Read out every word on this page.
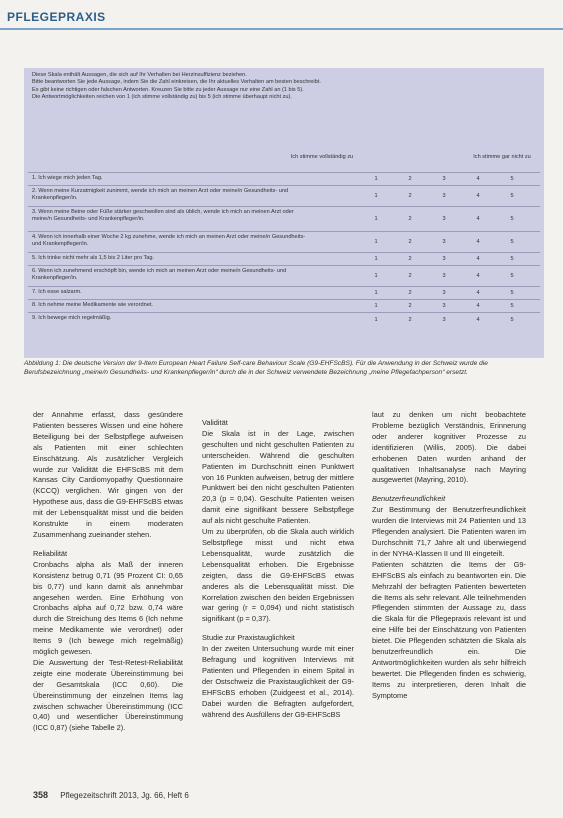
PFLEGEPRAXIS

Diese Skala enthält Aussagen, die sich auf Ihr Verhalten bei Herzinsuffizienz beziehen.

Bitte beantworten Sie jede Aussage, indem Sie die Zahl einkreisen, die Ihr aktuelles Verhalten am besten beschreibt.

Es gibt keine richtigen oder falschen Antworten. Kreuzen Sie bitte zu jeder Aussage nur eine Zahl an (1 bis 5).

Die Antwortmöglichkeiten reichen von 1 (ich stimme vollständig zu) bis 5 (ich stimme überhaupt nicht zu).

Ich stimme vollständig zu	Ich stimme gar nicht zu
1. Ich wiege mich jeden Tag.	1	2	3	4	5
2. Wenn meine Kurzatmigkeit zunimmt, wende ich mich an meinen Arzt oder meine/n Gesundheits- und Krankenpfleger/in.	1	2	3	4	5
3. Wenn meine Beine oder Füße stärker geschwollen sind als üblich, wende ich mich an meinen Arzt oder meine/n Gesundheits- und Krankenpfleger/in.	1	2	3	4	5
4. Wenn ich innerhalb einer Woche 2 kg zunehme, wende ich mich an meinen Arzt oder meine/n Gesundheits- und Krankenpfleger/in.	1	2	3	4	5
5. Ich trinke nicht mehr als 1,5 bis 2 Liter pro Tag.	1	2	3	4	5
6. Wenn ich zunehmend erschöpft bin, wende ich mich an meinen Arzt oder meine/n Gesundheits- und Krankenpfleger/in.	1	2	3	4	5
7. Ich esse salzarm.	1	2	3	4	5
8. Ich nehme meine Medikamente wie verordnet.	1	2	3	4	5
9. Ich bewege mich regelmäßig.	1	2	3	4	5
Abbildung 1: Die deutsche Version der 9-Item European Heart Failure Self-care Behaviour Scale (G9-EHFScBS). Für die Anwendung in der Schweiz wurde die Berufsbezeichnung „meine/n Gesundheits- und Krankenpfleger/in“ durch die in der Schweiz verwendete Bezeichnung „meine Pflegefachperson“ ersetzt.

der Annahme erfasst, dass gesündere Patienten besseres Wissen und eine höhere Beteiligung bei der Selbstpflege aufweisen als Patienten mit einer schlechten Einschätzung. Als zusätzlicher Vergleich wurde zur Validität die EHFScBS mit dem Kansas City Cardiomyopathy Questionnaire (KCCQ) verglichen. Wir gingen von der Hypothese aus, dass die G9-EHFScBS etwas mit der Lebensqualität misst und die beiden Konstrukte in einem moderaten Zusammenhang zueinander stehen.

Reliabilität

Cronbachs alpha als Maß der inneren Konsistenz betrug 0,71 (95 Prozent CI: 0,65 bis 0,77) und kann damit als annehmbar angesehen werden. Eine Erhöhung von Cronbachs alpha auf 0,72 bzw. 0,74 wäre durch die Streichung des Items 6 (Ich nehme meine Medikamente wie verordnet) oder Items 9 (Ich bewege mich regelmäßig) möglich gewesen.

Die Auswertung der Test-Retest-Reliabilität zeigte eine moderate Übereinstimmung bei der Gesamtskala (ICC 0,60). Die Übereinstimmung der einzelnen Items lag zwischen schwacher Übereinstimmung (ICC 0,40) und wesentlicher Übereinstimmung (ICC 0,87) (siehe Tabelle 2).

Validität

Die Skala ist in der Lage, zwischen geschulten und nicht geschulten Patienten zu unterscheiden. Während die geschulten Patienten im Durchschnitt einen Punktwert von 16 Punkten aufweisen, betrug der mittlere Punktwert bei den nicht geschulten Patienten 20,3 (p = 0,04). Geschulte Patienten weisen damit eine signifikant bessere Selbstpflege auf als nicht geschulte Patienten.

Um zu überprüfen, ob die Skala auch wirklich Selbstpflege misst und nicht etwa Lebensqualität, wurde zusätzlich die Lebensqualität erhoben. Die Ergebnisse zeigten, dass die G9-EHFScBS etwas anderes als die Lebensqualität misst. Die Korrelation zwischen den beiden Ergebnissen war gering (r = 0,094) und nicht statistisch signifikant (p = 0,37).

Studie zur Praxistauglichkeit

In der zweiten Untersuchung wurde mit einer Befragung und kognitiven Interviews mit Patienten und Pflegenden in einem Spital in der Ostschweiz die Praxistauglichkeit der G9-EHFScBS erhoben (Zuidgeest et al., 2014). Dabei wurden die Befragten aufgefordert, während des Ausfüllens der G9-EHFScBS

laut zu denken um nicht beobachtete Probleme bezüglich Verständnis, Erinnerung oder anderer kognitiver Prozesse zu identifizieren (Willis, 2005). Die dabei erhobenen Daten wurden anhand der qualitativen Inhaltsanalyse nach Mayring ausgewertet (Mayring, 2010).

Benutzerfreundlichkeit

Zur Bestimmung der Benutzerfreundlichkeit wurden die Interviews mit 24 Patienten und 13 Pflegenden analysiert. Die Patienten waren im Durchschnitt 71,7 Jahre alt und überwiegend in der NYHA-Klassen II und III eingeteilt.

Patienten schätzten die Items der G9-EHFScBS als einfach zu beantworten ein. Die Mehrzahl der befragten Patienten bewerteten die Items als sehr relevant. Alle teilnehmenden Pflegenden stimmten der Aussage zu, dass die Skala für die Pflegepraxis relevant ist und eine Hilfe bei der Einschätzung von Patienten bietet. Die Pflegenden schätzten die Skala als benutzerfreundlich ein. Die Antwortmöglichkeiten wurden als sehr hilfreich bewertet. Die Pflegenden finden es schwierig, Items zu interpretieren, deren Inhalt die Symptome

358 Pflegezeitschrift 2013, Jg. 66, Heft 6
